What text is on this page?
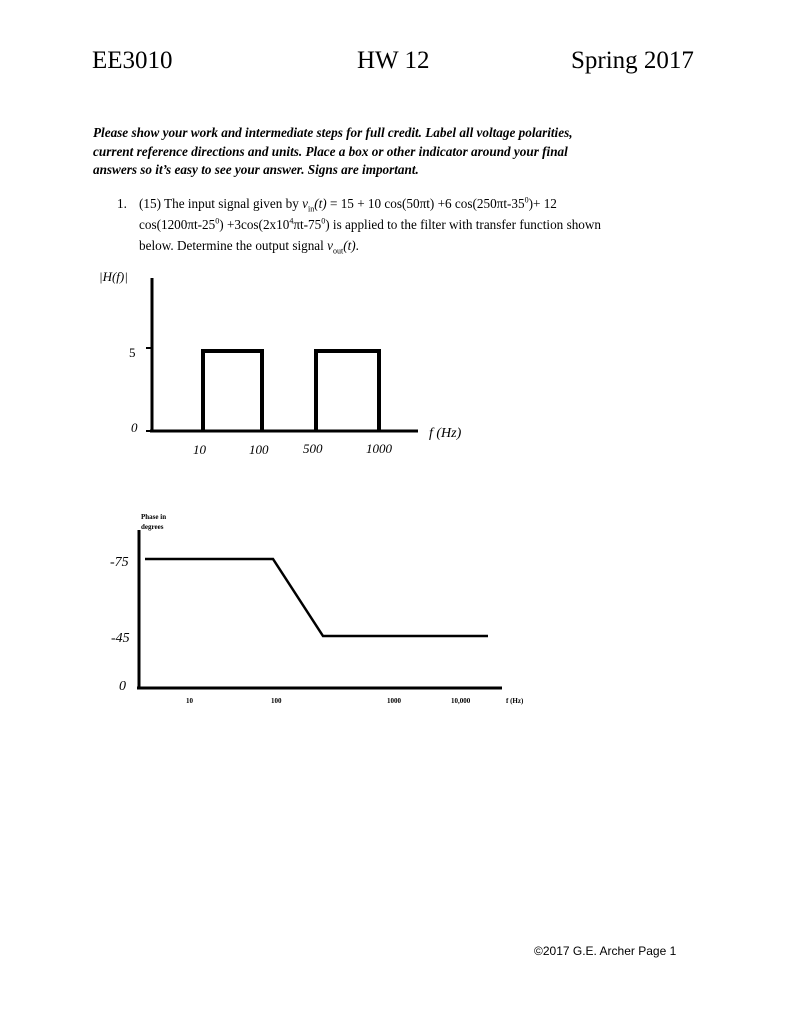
EE3010	HW 12	Spring 2017
Please show your work and intermediate steps for full credit. Label all voltage polarities,
current reference directions and units. Place a box or other indicator around your final
answers so it’s easy to see your answer. Signs are important.
1. (15) The input signal given by $v_{in}(t) = 15 + 10$ cos(50πt) +6 $\cos(250\pi t-35^0)+ 12$
$\cos(1200\pi t-25^0) +3\cos(2x10^4\pi t-75^0)$ is applied to the filter with transfer function shown
below. Determine the output signal $v_{out}(t)$.
|H(f)|
5
0
10	100	500	1000
f (Hz)
Phase in
degrees
-75
-45
0
10	100	1000	10,000	f (Hz)
©2017 G.E. Archer Page 1
